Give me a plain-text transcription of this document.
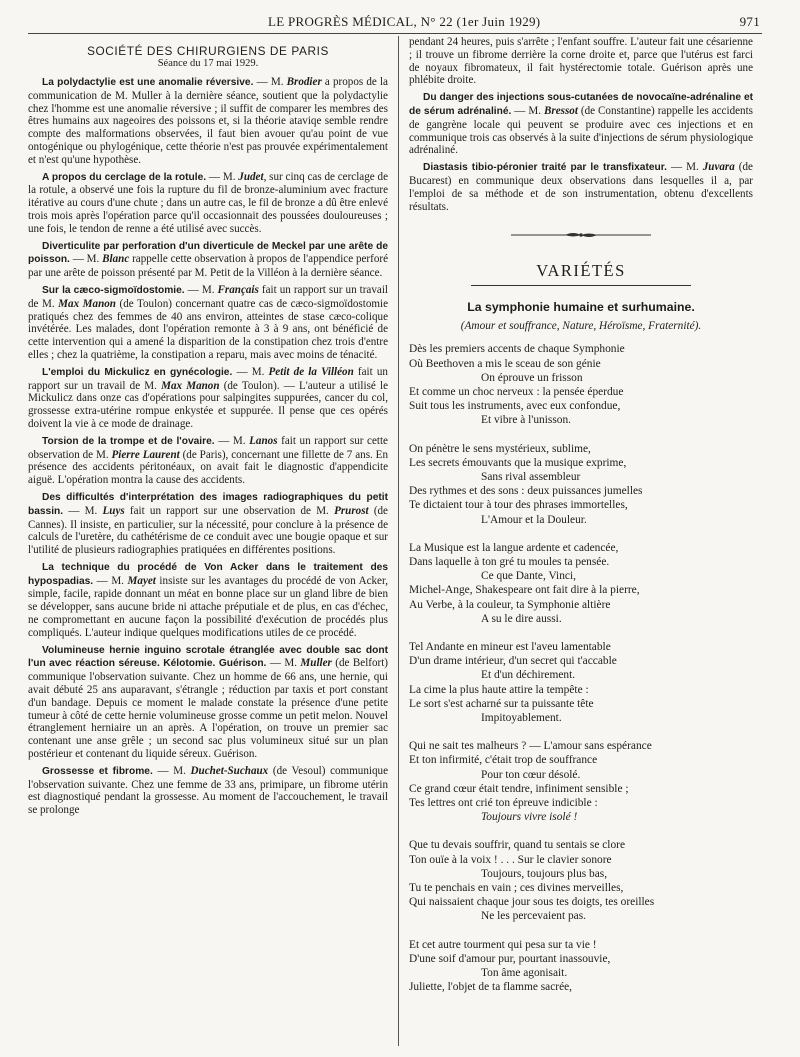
LE PROGRÈS MÉDICAL, N° 22 (1er Juin 1929)	971
SOCIÉTÉ DES CHIRURGIENS DE PARIS
Séance du 17 mai 1929.

La polydactylie est une anomalie réversive. — M. Brodier a propos de la communication de M. Muller à la dernière séance, soutient que la polydactylie chez l'homme est une anomalie réversive ; il suffit de comparer les membres des êtres humains aux nageoires des poissons et, si la théorie ataviqe semble rendre compte des malformations observées, il faut bien avouer qu'au point de vue ontogénique ou phylogénique, cette théorie n'est pas prouvée expérimentalement et n'est qu'une hypothèse.

A propos du cerclage de la rotule. — M. Judet, sur cinq cas de cerclage de la rotule, a observé une fois la rupture du fil de bronze-aluminium avec fracture itérative au cours d'une chute ; dans un autre cas, le fil de bronze a dû être enlevé trois mois après l'opération parce qu'il occasionnait des poussées douloureuses ; une fois, le tendon de renne a été utilisé avec succès.

Diverticulite par perforation d'un diverticule de Meckel par une arête de poisson. — M. Blanc rappelle cette observation à propos de l'appendice perforé par une arête de poisson présenté par M. Petit de la Villéon à la dernière séance.

Sur la cæco-sigmoïdostomie. — M. Français fait un rapport sur un travail de M. Max Manon (de Toulon) concernant quatre cas de cæco-sigmoïdostomie pratiqués chez des femmes de 40 ans environ, atteintes de stase cæco-colique invétérée. Les malades, dont l'opération remonte à 3 à 9 ans, ont bénéficié de cette intervention qui a amené la disparition de la constipation chez trois d'entre elles ; chez la quatrième, la constipation a reparu, mais avec moins de ténacité.

L'emploi du Mickulicz en gynécologie. — M. Petit de la Villéon fait un rapport sur un travail de M. Max Manon (de Toulon). — L'auteur a utilisé le Mickulicz dans onze cas d'opérations pour salpingites suppurées, cancer du col, grossesse extra-utérine rompue enkystée et suppurée. Il pense que ces opérés doivent la vie à ce mode de drainage.

Torsion de la trompe et de l'ovaire. — M. Lanos fait un rapport sur cette observation de M. Pierre Laurent (de Paris), concernant une fillette de 7 ans. En présence des accidents péritonéaux, on avait fait le diagnostic d'appendicite aiguë. L'opération montra la cause des accidents.

Des difficultés d'interprétation des images radiographiques du petit bassin. — M. Luys fait un rapport sur une observation de M. Prurost (de Cannes). Il insiste, en particulier, sur la nécessité, pour conclure à la présence de calculs de l'uretère, du cathétérisme de ce conduit avec une bougie opaque et sur l'utilité de plusieurs radiographies pratiquées en différentes positions.

La technique du procédé de Von Acker dans le traitement des hypospadias. — M. Mayet insiste sur les avantages du procédé de von Acker, simple, facile, rapide donnant un méat en bonne place sur un gland libre de bien se développer, sans aucune bride ni attache préputiale et de plus, en cas d'échec, ne compromettant en aucune façon la possibilité d'exécution de procédés plus compliqués. L'auteur indique quelques modifications utiles de ce procédé.

Volumineuse hernie inguino scrotale étranglée avec double sac dont l'un avec réaction séreuse. Kélotomie. Guérison. — M. Muller (de Belfort) communique l'observation suivante. Chez un homme de 66 ans, une hernie, qui avait débuté 25 ans auparavant, s'étrangle ; réduction par taxis et port constant d'un bandage. Depuis ce moment le malade constate la présence d'une petite tumeur à côté de cette hernie volumineuse grosse comme un petit melon. Nouvel étranglement herniaire un an après. A l'opération, on trouve un premier sac contenant une anse grêle ; un second sac plus volumineux situé sur un plan postérieur et contenant du liquide séreux. Guérison.

Grossesse et fibrome. — M. Duchet-Suchaux (de Vesoul) communique l'observation suivante. Chez une femme de 33 ans, primipare, un fibrome utérin est diagnostiqué pendant la grossesse. Au moment de l'accouchement, le travail se prolonge

pendant 24 heures, puis s'arrête ; l'enfant souffre. L'auteur fait une césarienne ; il trouve un fibrome derrière la corne droite et, parce que l'utérus est farci de noyaux fibromateux, il fait hystérectomie totale. Guérison après une phlébite droite.

Du danger des injections sous-cutanées de novocaïne-adrénaline et de sérum adrénaliné. — M. Bressot (de Constantine) rappelle les accidents de gangrène locale qui peuvent se produire avec ces injections et en communique trois cas observés à la suite d'injections de sérum physiologique adrénaliné.

Diastasis tibio-péronier traité par le transfixateur. — M. Juvara (de Bucarest) en communique deux observations dans lesquelles il a, par l'emploi de sa méthode et de son instrumentation, obtenu d'excellents résultats.

VARIÉTÉS
La symphonie humaine et surhumaine.
(Amour et souffrance, Nature, Héroïsme, Fraternité).
Dès les premiers accents de chaque Symphonie
Où Beethoven a mis le sceau de son génie
On éprouve un frisson
Et comme un choc nerveux : la pensée éperdue
Suit tous les instruments, avec eux confondue,
Et vibre à l'unisson.
On pénètre le sens mystérieux, sublime,
Les secrets émouvants que la musique exprime,
Sans rival assembleur
Des rythmes et des sons : deux puissances jumelles
Te dictaient tour à tour des phrases immortelles,
L'Amour et la Douleur.
La Musique est la langue ardente et cadencée,
Dans laquelle à ton gré tu moules ta pensée.
Ce que Dante, Vinci,
Michel-Ange, Shakespeare ont fait dire à la pierre,
Au Verbe, à la couleur, ta Symphonie altière
A su le dire aussi.
Tel Andante en mineur est l'aveu lamentable
D'un drame intérieur, d'un secret qui t'accable
Et d'un déchirement.
La cime la plus haute attire la tempête :
Le sort s'est acharné sur ta puissante tête
Impitoyablement.
Qui ne sait tes malheurs ? — L'amour sans espérance
Et ton infirmité, c'était trop de souffrance
Pour ton cœur désolé.
Ce grand cœur était tendre, infiniment sensible ;
Tes lettres ont crié ton épreuve indicible :
Toujours vivre isolé !
Que tu devais souffrir, quand tu sentais se clore
Ton ouïe à la voix ! . . . Sur le clavier sonore
Toujours, toujours plus bas,
Tu te penchais en vain ; ces divines merveilles,
Qui naissaient chaque jour sous tes doigts, tes oreilles
Ne les percevaient pas.
Et cet autre tourment qui pesa sur ta vie !
D'une soif d'amour pur, pourtant inassouvie,
Ton âme agonisait.
Juliette, l'objet de ta flamme sacrée,
